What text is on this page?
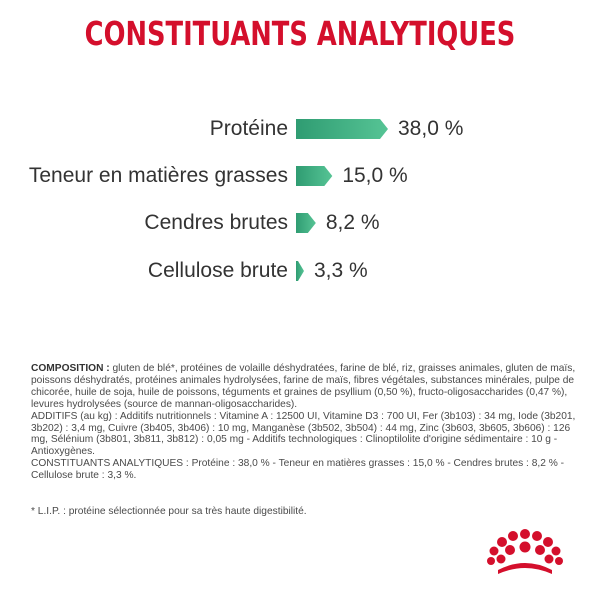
CONSTITUANTS ANALYTIQUES
Protéine	38,0 %
Teneur en matières grasses	15,0 %
Cendres brutes 8,2 %
Cellulose brute 3,3 %
COMPOSITION : gluten de blé*, protéines de volaille déshydratées, farine de blé, riz, graisses animales, gluten de maïs, poissons déshydratés, protéines animales hydrolysées, farine de maïs, fibres végétales, substances minérales, pulpe de chicorée, huile de soja, huile de poissons, téguments et graines de psyllium (0,50 %), fructo-oligosaccharides (0,47 %), levures hydrolysées (source de mannan-oligosaccharides).
ADDITIFS (au kg) : Additifs nutritionnels : Vitamine A : 12500 UI, Vitamine D3 : 700 UI, Fer (3b103) : 34 mg, Iode (3b201, 3b202) : 3,4 mg, Cuivre (3b405, 3b406) : 10 mg, Manganèse (3b502, 3b504) : 44 mg, Zinc (3b603, 3b605, 3b606) : 126 mg, Sélénium (3b801, 3b811, 3b812) : 0,05 mg - Additifs technologiques : Clinoptilolite d'origine sédimentaire : 10 g - Antioxygènes.
CONSTITUANTS ANALYTIQUES : Protéine : 38,0 % - Teneur en matières grasses : 15,0 % - Cendres brutes : 8,2 % - Cellulose brute : 3,3 %.
* L.I.P. : protéine sélectionnée pour sa très haute digestibilité.
